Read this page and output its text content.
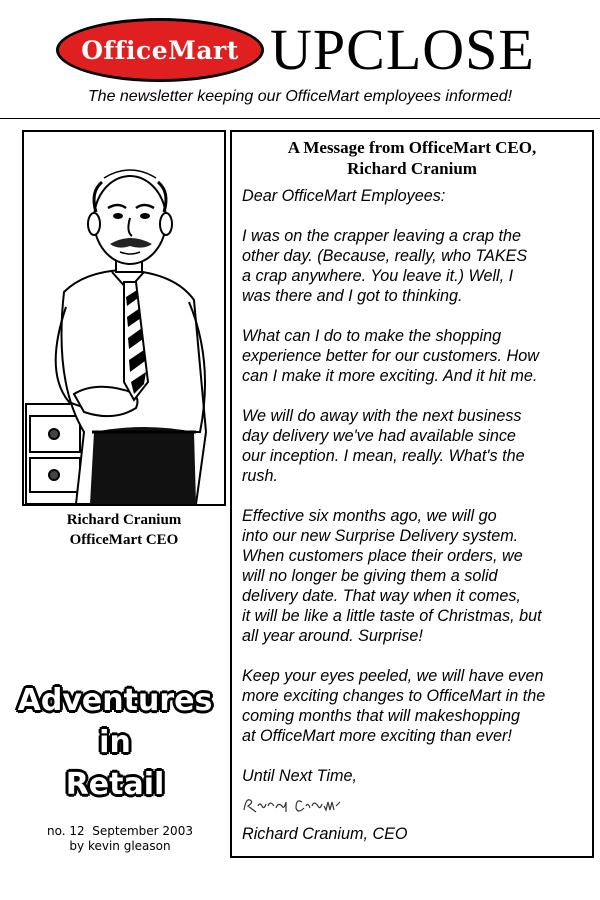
OfficeMart UPCLOSE
The newsletter keeping our OfficeMart employees informed!
Richard Cranium
OfficeMart CEO
Adventures
in
Retail
no. 12  September 2003
by kevin gleason
A Message from OfficeMart CEO,
Richard Cranium

Dear OfficeMart Employees:

I was on the crapper leaving a crap the
other day. (Because, really, who TAKES
a crap anywhere. You leave it.) Well, I
was there and I got to thinking.

What can I do to make the shopping
experience better for our customers. How
can I make it more exciting. And it hit me.

We will do away with the next business
day delivery we've had available since
our inception. I mean, really. What's the
rush.

Effective six months ago, we will go
into our new Surprise Delivery system.
When customers place their orders, we
will no longer be giving them a solid
delivery date. That way when it comes,
it will be like a little taste of Christmas, but
all year around. Surprise!

Keep your eyes peeled, we will have even
more exciting changes to OfficeMart in the
coming months that will makeshopping
at OfficeMart more exciting than ever!

Until Next Time,

Richard Cranium, CEO
